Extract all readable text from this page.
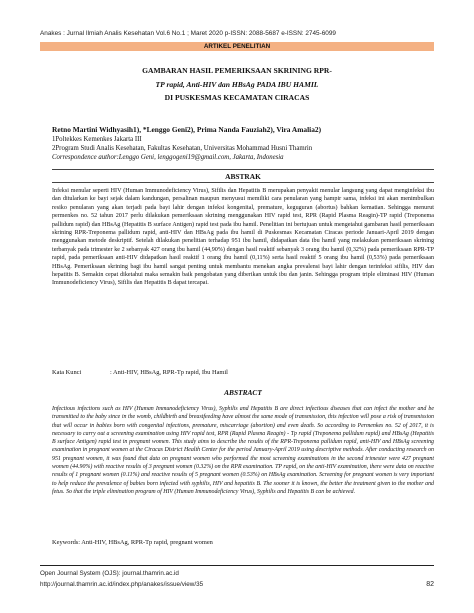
Anakes : Jurnal Ilmiah Analis Kesehatan Vol.6 No.1 ; Maret 2020 p-ISSN: 2088-5687 e-ISSN: 2745-6099
ARTIKEL PENELITIAN
GAMBARAN HASIL PEMERIKSAAN SKRINING RPR-
TP rapid, Anti-HIV dan HBsAg PADA IBU HAMIL
DI PUSKESMAS KECAMATAN CIRACAS
Retno Martini Widhyasih1), *Lenggo Geni2), Prima Nanda Fauziah2), Vira Amalia2)
1Poltekkes Kemenkes Jakarta III
2Program Studi Analis Kesehatan, Fakultas Kesehatan, Universitas Mohammad Husni Thamrin
Correspondence author:Lenggo Geni, lenggogeni19@gmail.com, Jakarta, Indonesia
ABSTRAK
Infeksi menular seperti HIV (Human Immunodeficiency Virus), Sifilis dan Hepatitis B merupakan penyakit menular langsung yang dapat menginfeksi ibu dan ditularkan ke bayi sejak dalam kandungan, persalinan maupun menyusui memiliki cara penularan yang hampir sama, infeksi ini akan menimbulkan resiko penularan yang akan terjadi pada bayi lahir dengan infeksi kongenital, premature, keguguran (abortus) bahkan kematian. Sehingga menurut permenkes no. 52 tahun 2017 perlu dilakukan pemeriksaan skrining menggunakan HIV rapid test, RPR (Rapid Plasma Reagin)-TP rapid (Treponema pallidum rapid) dan HBsAg (Hepatitis B surface Antigen) rapid test pada ibu hamil. Penelitian ini bertujuan untuk mengetahui gambaran hasil pemeriksaan skrining RPR-Treponema pallidum rapid, anti-HIV dan HBsAg pada ibu hamil di Puskesmas Kecamatan Ciracas periode Januari-April 2019 dengan menggunakan metode deskriptif. Setelah dilakukan penelitian terhadap 951 ibu hamil, didapatkan data ibu hamil yang melakukan pemeriksaan skrining terbanyak pada trimester ke 2 sebanyak 427 orang ibu hamil (44,90%) dengan hasil reaktif sebanyak 3 orang ibu hamil (0,32%) pada pemeriksaan RPR-TP rapid, pada pemeriksaan anti-HIV didapatkan hasil reaktif 1 orang ibu hamil (0,11%) serta hasil reaktif 5 orang ibu hamil (0,53%) pada pemeriksaan HBsAg. Pemeriksaan skrining bagi ibu hamil sangat penting untuk membantu menekan angka prevalensi bayi lahir dengan terinfeksi sifilis, HIV dan hepatitis B. Semakin cepat diketahui maka semakin baik pengobatan yang diberikan untuk ibu dan janin. Sehingga program triple eliminasi HIV (Human Immunodeficiency Virus), Sifilis dan Hepatitis B dapat tercapai.
Kata Kunci	: Anti-HIV, HBsAg, RPR-Tp rapid, Ibu Hamil
ABSTRACT
Infectious infections such as HIV (Human Immunodeficiency Virus), Syphilis and Hepatitis B are direct infectious diseases that can infect the mother and be transmitted to the baby since in the womb, childbirth and breastfeeding have almost the same mode of transmission, this infection will pose a risk of transmission that will occur in babies born with congenital infections, premature, miscarriage (abortion) and even death. So according to Permenkes no. 52 of 2017, it is necessary to carry out a screening examination using HIV rapid test, RPR (Rapid Plasma Reagin) - Tp rapid (Treponema pallidum rapid) and HBsAg (Hepatitis B surface Antigen) rapid test in pregnant women. This study aims to describe the results of the RPR-Treponema pallidum rapid, anti-HIV and HBsAg screening examination in pregnant women at the Ciracas District Health Center for the period January-April 2019 using descriptive methods. After conducting research on 951 pregnant women, it was found that data on pregnant women who performed the most screening examinations in the second trimester were 427 pregnant women (44.90%) with reactive results of 3 pregnant women (0.32%) on the RPR examination. TP rapid, on the anti-HIV examination, there were data on reactive results of 1 pregnant women (0.11%) and reactive results of 5 pregnant women (0.53%) on HBsAg examination. Screening for pregnant women is very important to help reduce the prevalence of babies born infected with syphilis, HIV and hepatitis B. The sooner it is known, the better the treatment given to the mother and fetus. So that the triple elimination program of HIV (Human Immunodeficiency Virus), Syphilis and Hepatitis B can be achieved.
Keywords: Anti-HIV, HBsAg, RPR-Tp rapid, pregnant women
Open Journal System (OJS): journal.thamrin.ac.id
http://journal.thamrin.ac.id/index.php/anakes/issue/view/35	82
